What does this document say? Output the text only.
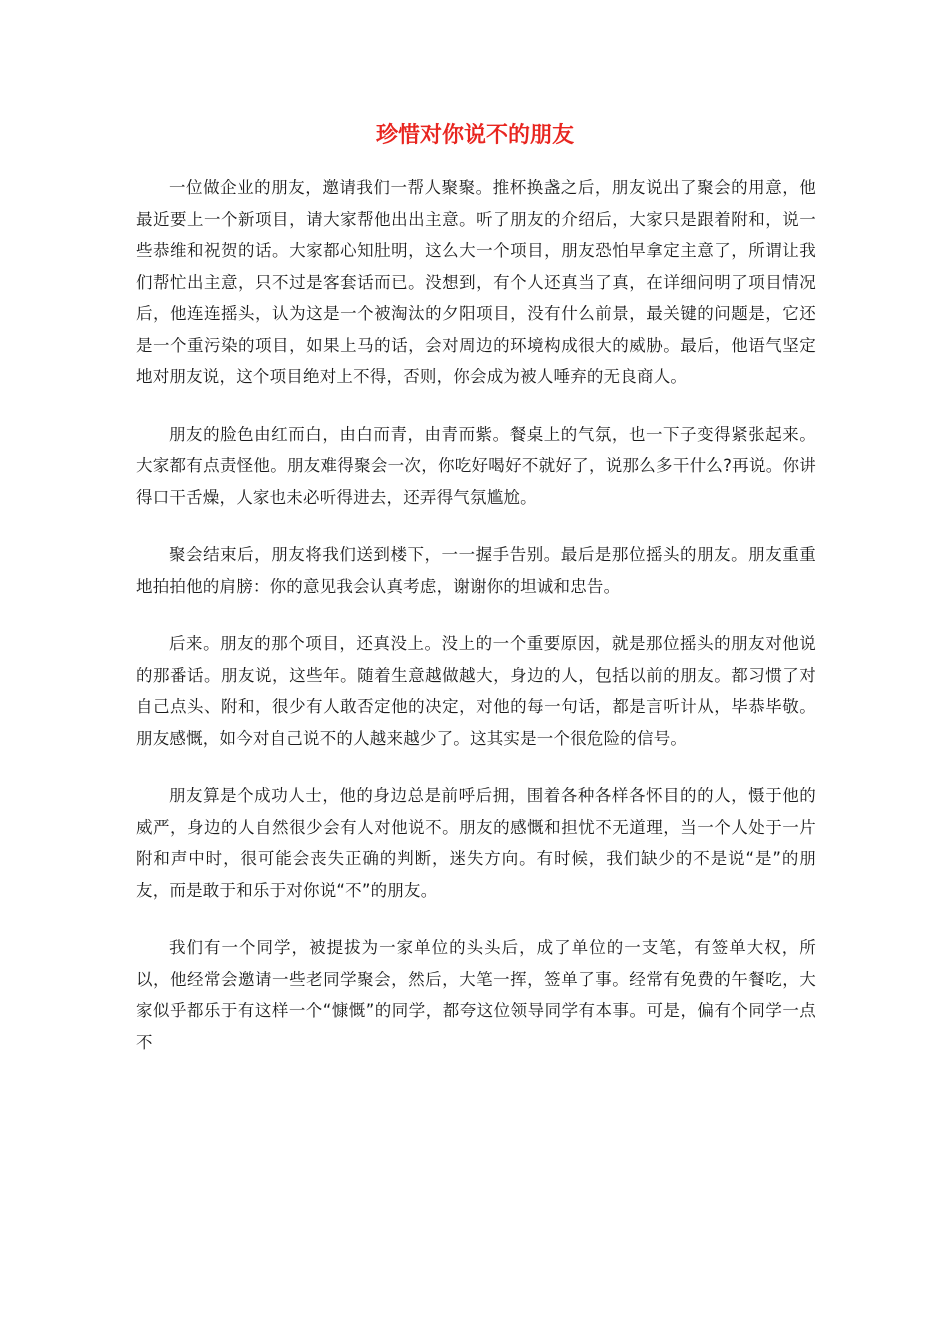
珍惜对你说不的朋友

一位做企业的朋友，邀请我们一帮人聚聚。推杯换盏之后，朋友说出了聚会的用意，他最近要上一个新项目，请大家帮他出出主意。听了朋友的介绍后，大家只是跟着附和，说一些恭维和祝贺的话。大家都心知肚明，这么大一个项目，朋友恐怕早拿定主意了，所谓让我们帮忙出主意，只不过是客套话而已。没想到，有个人还真当了真，在详细问明了项目情况后，他连连摇头，认为这是一个被淘汰的夕阳项目，没有什么前景，最关键的问题是，它还是一个重污染的项目，如果上马的话，会对周边的环境构成很大的威胁。最后，他语气坚定地对朋友说，这个项目绝对上不得，否则，你会成为被人唾弃的无良商人。

朋友的脸色由红而白，由白而青，由青而紫。餐桌上的气氛，也一下子变得紧张起来。大家都有点责怪他。朋友难得聚会一次，你吃好喝好不就好了，说那么多干什么?再说。你讲得口干舌燥，人家也未必听得进去，还弄得气氛尴尬。

聚会结束后，朋友将我们送到楼下，一一握手告别。最后是那位摇头的朋友。朋友重重地拍拍他的肩膀：你的意见我会认真考虑，谢谢你的坦诚和忠告。

后来。朋友的那个项目，还真没上。没上的一个重要原因，就是那位摇头的朋友对他说的那番话。朋友说，这些年。随着生意越做越大，身边的人，包括以前的朋友。都习惯了对自己点头、附和，很少有人敢否定他的决定，对他的每一句话，都是言听计从，毕恭毕敬。朋友感慨，如今对自己说不的人越来越少了。这其实是一个很危险的信号。

朋友算是个成功人士，他的身边总是前呼后拥，围着各种各样各怀目的的人，慑于他的威严，身边的人自然很少会有人对他说不。朋友的感慨和担忧不无道理，当一个人处于一片附和声中时，很可能会丧失正确的判断，迷失方向。有时候，我们缺少的不是说“是”的朋友，而是敢于和乐于对你说“不”的朋友。

我们有一个同学，被提拔为一家单位的头头后，成了单位的一支笔，有签单大权，所以，他经常会邀请一些老同学聚会，然后，大笔一挥，签单了事。经常有免费的午餐吃，大家似乎都乐于有这样一个“慷慨”的同学，都夸这位领导同学有本事。可是，偏有个同学一点不
